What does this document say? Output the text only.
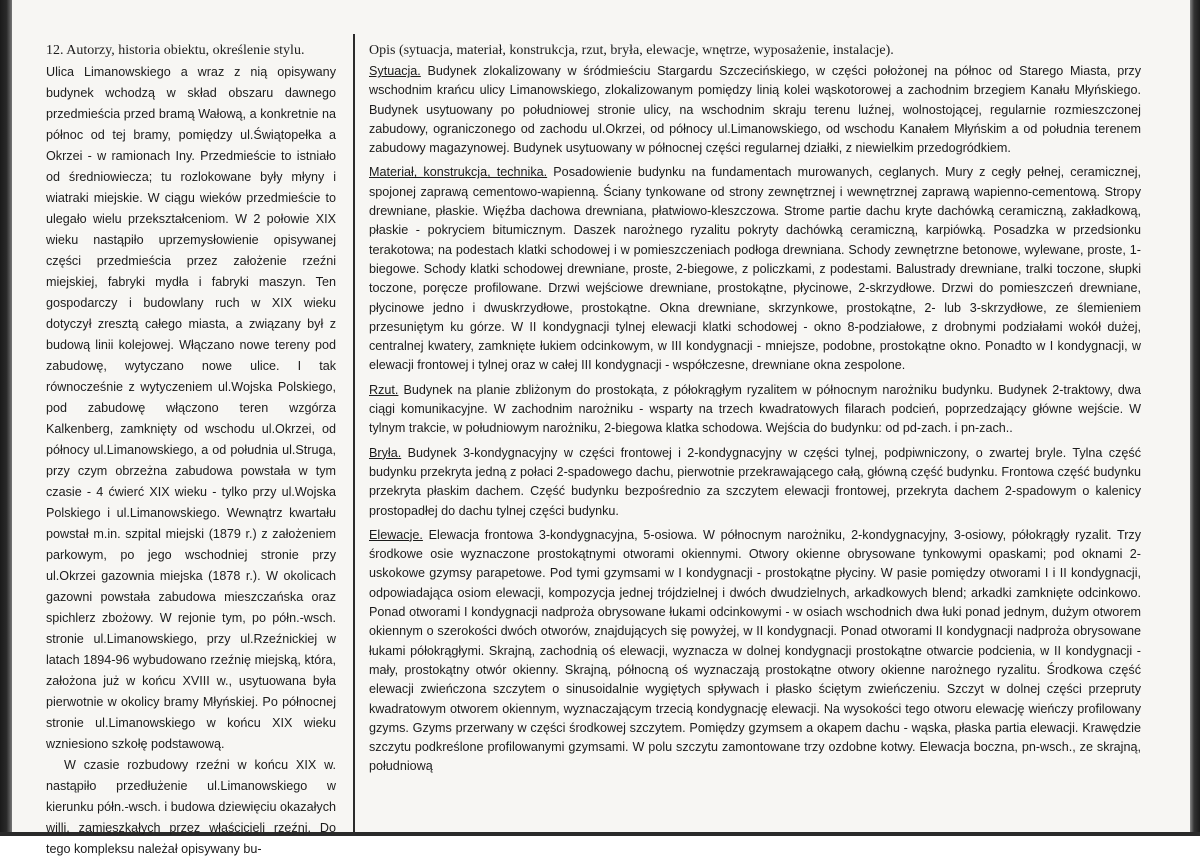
12. Autorzy, historia obiektu, określenie stylu.

Ulica Limanowskiego a wraz z nią opisywany budynek wchodzą w skład obszaru dawnego przedmieścia przed bramą Wałową, a konkretnie na północ od tej bramy, pomiędzy ul.Świątopełka a Okrzei - w ramionach Iny. Przedmieście to istniało od średniowiecza; tu rozlokowane były młyny i wiatraki miejskie. W ciągu wieków przedmieście to ulegało wielu przekształceniom. W 2 połowie XIX wieku nastąpiło uprzemysłowienie opisywanej części przedmieścia przez założenie rzeźni miejskiej, fabryki mydła i fabryki maszyn. Ten gospodarczy i budowlany ruch w XIX wieku dotyczył zresztą całego miasta, a związany był z budową linii kolejowej. Włączano nowe tereny pod zabudowę, wytyczano nowe ulice. I tak równocześnie z wytyczeniem ul.Wojska Polskiego, pod zabudowę włączono teren wzgórza Kalkenberg, zamknięty od wschodu ul.Okrzei, od północy ul.Limanowskiego, a od południa ul.Struga, przy czym obrzeżna zabudowa powstała w tym czasie - 4 ćwierć XIX wieku - tylko przy ul.Wojska Polskiego i ul.Limanowskiego. Wewnątrz kwartału powstał m.in. szpital miejski (1879 r.) z założeniem parkowym, po jego wschodniej stronie przy ul.Okrzei gazownia miejska (1878 r.). W okolicach gazowni powstała zabudowa mieszczańska oraz spichlerz zbożowy. W rejonie tym, po półn.-wsch. stronie ul.Limanowskiego, przy ul.Rzeźnickiej w latach 1894-96 wybudowano rzeźnię miejską, która, założona już w końcu XVIII w., usytuowana była pierwotnie w okolicy bramy Młyńskiej. Po północnej stronie ul.Limanowskiego w końcu XIX wieku wzniesiono szkołę podstawową.

W czasie rozbudowy rzeźni w końcu XIX w. nastąpiło przedłużenie ul.Limanowskiego w kierunku półn.-wsch. i budowa dziewięciu okazałych willi, zamieszkałych przez właścicieli rzeźni. Do tego kompleksu należał opisywany bu-

Opis (sytuacja, materiał, konstrukcja, rzut, bryła, elewacje, wnętrze, wyposażenie, instalacje).

Sytuacja. Budynek zlokalizowany w śródmieściu Stargardu Szczecińskiego, w części położonej na północ od Starego Miasta, przy wschodnim krańcu ulicy Limanowskiego, zlokalizowanym pomiędzy linią kolei wąskotorowej a zachodnim brzegiem Kanału Młyńskiego. Budynek usytuowany po południowej stronie ulicy, na wschodnim skraju terenu luźnej, wolnostojącej, regularnie rozmieszczonej zabudowy, ograniczonego od zachodu ul.Okrzei, od północy ul.Limanowskiego, od wschodu Kanałem Młyńskim a od południa terenem zabudowy magazynowej. Budynek usytuowany w północnej części regularnej działki, z niewielkim przedogródkiem.

Materiał, konstrukcja, technika. Posadowienie budynku na fundamentach murowanych, ceglanych. Mury z cegły pełnej, ceramicznej, spojonej zaprawą cementowo-wapienną. Ściany tynkowane od strony zewnętrznej i wewnętrznej zaprawą wapienno-cementową. Stropy drewniane, płaskie. Więźba dachowa drewniana, płatwiowo-kleszczowa. Strome partie dachu kryte dachówką ceramiczną, zakładkową, płaskie - pokryciem bitumicznym. Daszek narożnego ryzalitu pokryty dachówką ceramiczną, karpiówką. Posadzka w przedsionku terakotowa; na podestach klatki schodowej i w pomieszczeniach podłoga drewniana. Schody zewnętrzne betonowe, wylewane, proste, 1-biegowe. Schody klatki schodowej drewniane, proste, 2-biegowe, z policzkami, z podestami. Balustrady drewniane, tralki toczone, słupki toczone, poręcze profilowane. Drzwi wejściowe drewniane, prostokątne, płycinowe, 2-skrzydłowe. Drzwi do pomieszczeń drewniane, płycinowe jedno i dwuskrzydłowe, prostokątne. Okna drewniane, skrzynkowe, prostokątne, 2- lub 3-skrzydłowe, ze ślemieniem przesuniętym ku górze. W II kondygnacji tylnej elewacji klatki schodowej - okno 8-podziałowe, z drobnymi podziałami wokół dużej, centralnej kwatery, zamknięte łukiem odcinkowym, w III kondygnacji - mniejsze, podobne, prostokątne okno. Ponadto w I kondygnacji, w elewacji frontowej i tylnej oraz w całej III kondygnacji - współczesne, drewniane okna zespolone.

Rzut. Budynek na planie zbliżonym do prostokąta, z półokrągłym ryzalitem w północnym narożniku budynku. Budynek 2-traktowy, dwa ciągi komunikacyjne. W zachodnim narożniku - wsparty na trzech kwadratowych filarach podcień, poprzedzający główne wejście. W tylnym trakcie, w południowym narożniku, 2-biegowa klatka schodowa. Wejścia do budynku: od pd-zach. i pn-zach..

Bryła. Budynek 3-kondygnacyjny w części frontowej i 2-kondygnacyjny w części tylnej, podpiwniczony, o zwartej bryle. Tylna część budynku przekryta jedną z połaci 2-spadowego dachu, pierwotnie przekrawającego całą, główną część budynku. Frontowa część budynku przekryta płaskim dachem. Część budynku bezpośrednio za szczytem elewacji frontowej, przekryta dachem 2-spadowym o kalenicy prostopadłej do dachu tylnej części budynku.

Elewacje. Elewacja frontowa 3-kondygnacyjna, 5-osiowa. W północnym narożniku, 2-kondygnacyjny, 3-osiowy, półokrągły ryzalit. Trzy środkowe osie wyznaczone prostokątnymi otworami okiennymi. Otwory okienne obrysowane tynkowymi opaskami; pod oknami 2-uskokowe gzymsy parapetowe. Pod tymi gzymsami w I kondygnacji - prostokątne płyciny. W pasie pomiędzy otworami I i II kondygnacji, odpowiadająca osiom elewacji, kompozycja jednej trójdzielnej i dwóch dwudzielnych, arkadkowych blend; arkadki zamknięte odcinkowo. Ponad otworami I kondygnacji nadproża obrysowane łukami odcinkowymi - w osiach wschodnich dwa łuki ponad jednym, dużym otworem okiennym o szerokości dwóch otworów, znajdujących się powyżej, w II kondygnacji. Ponad otworami II kondygnacji nadproża obrysowane łukami półokrągłymi. Skrajną, zachodnią oś elewacji, wyznacza w dolnej kondygnacji prostokątne otwarcie podcienia, w II kondygnacji - mały, prostokątny otwór okienny. Skrajną, północną oś wyznaczają prostokątne otwory okienne narożnego ryzalitu. Środkowa część elewacji zwieńczona szczytem o sinusoidalnie wygiętych spływach i płasko ściętym zwieńczeniu. Szczyt w dolnej części przepruty kwadratowym otworem okiennym, wyznaczającym trzecią kondygnację elewacji. Na wysokości tego otworu elewację wieńczy profilowany gzyms. Gzyms przerwany w części środkowej szczytem. Pomiędzy gzymsem a okapem dachu - wąska, płaska partia elewacji. Krawędzie szczytu podkreślone profilowanymi gzymsami. W polu szczytu zamontowane trzy ozdobne kotwy. Elewacja boczna, pn-wsch., ze skrajną, południową
